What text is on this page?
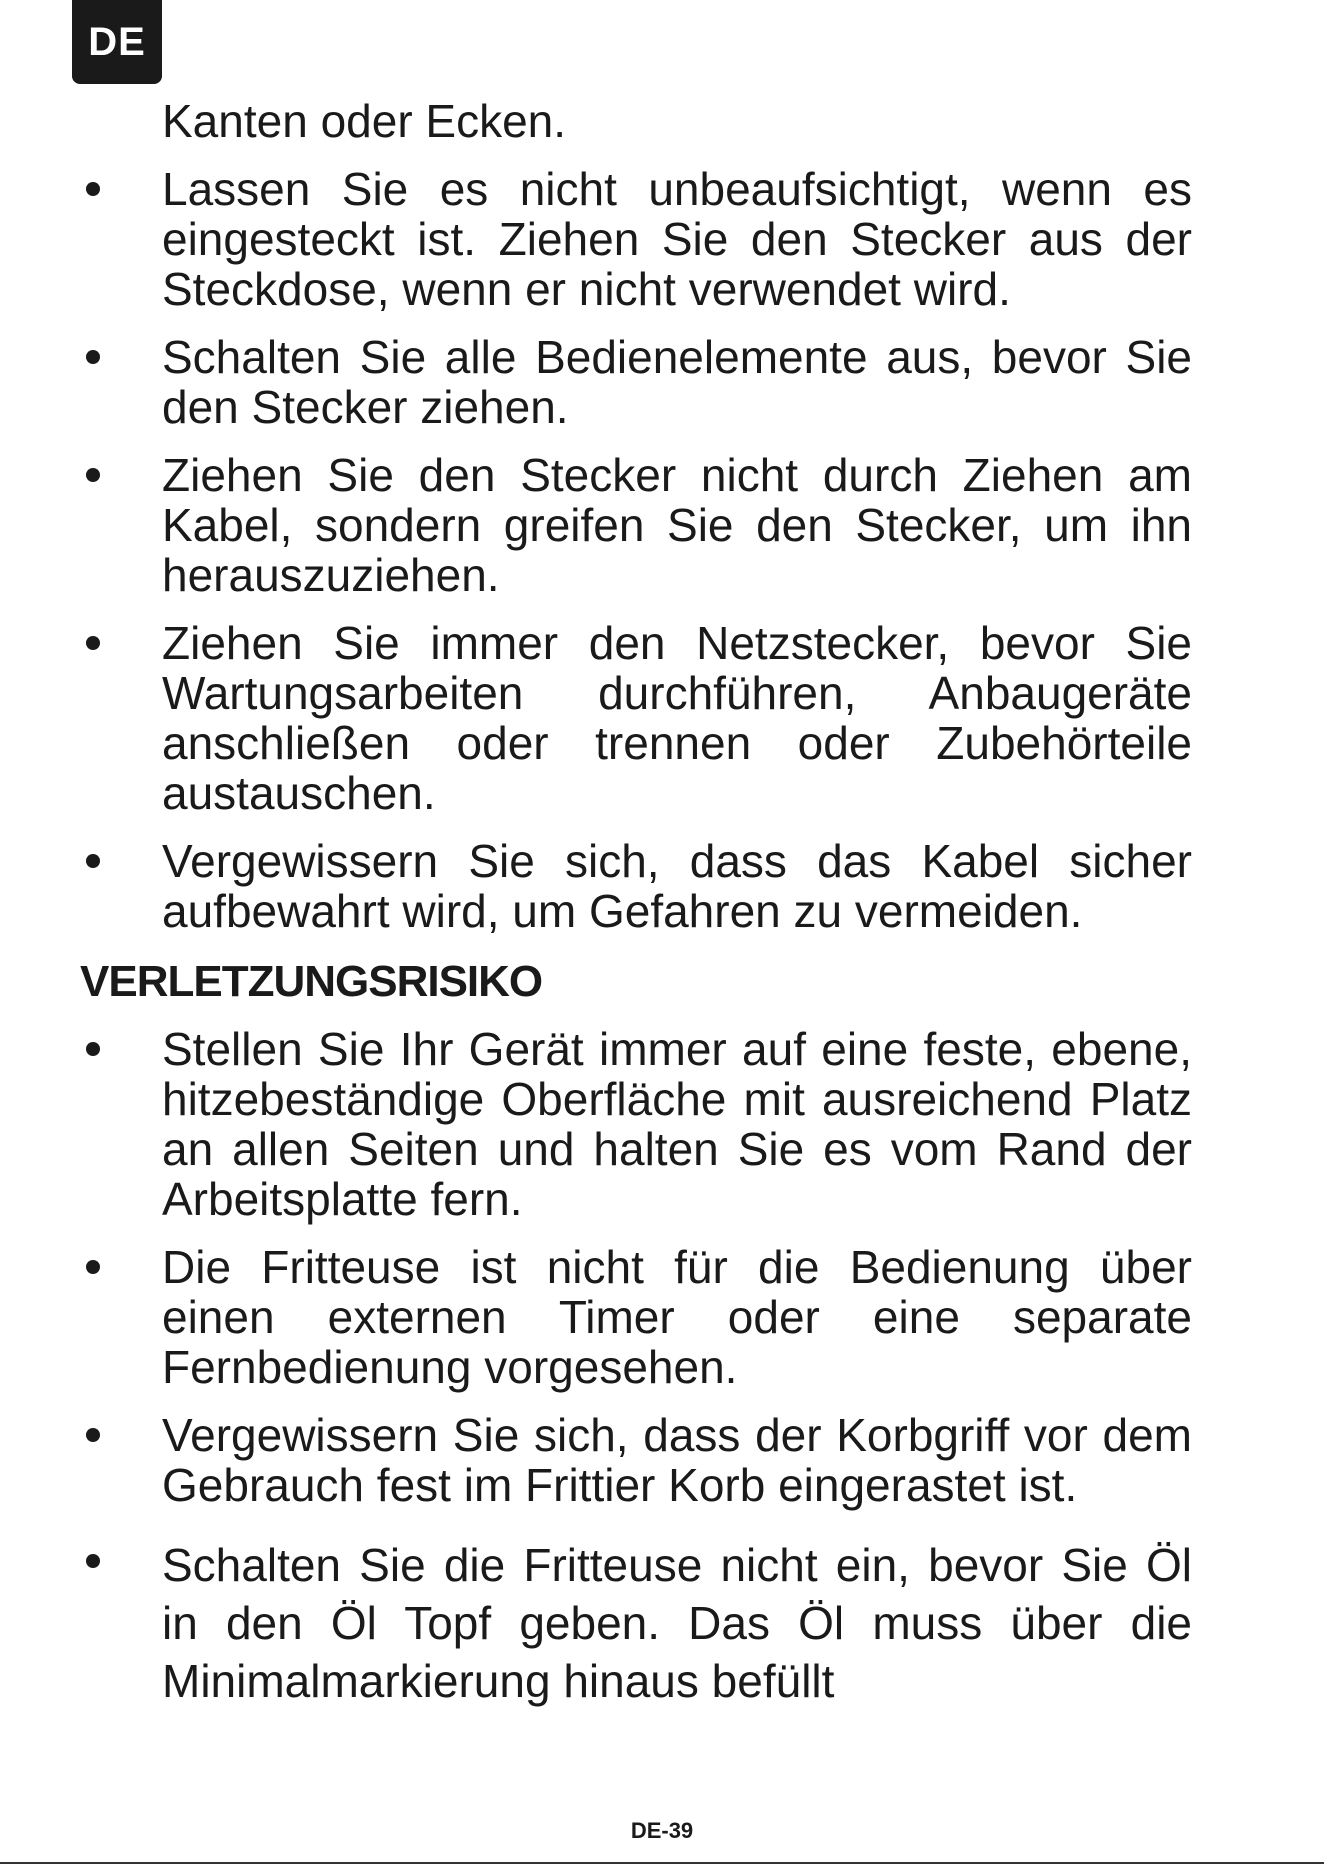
DE
Kanten oder Ecken.
Lassen Sie es nicht unbeaufsichtigt, wenn es eingesteckt ist. Ziehen Sie den Stecker aus der Steckdose, wenn er nicht verwendet wird.
Schalten Sie alle Bedienelemente aus, bevor Sie den Stecker ziehen.
Ziehen Sie den Stecker nicht durch Ziehen am Kabel, sondern greifen Sie den Stecker, um ihn herauszuziehen.
Ziehen Sie immer den Netzstecker, bevor Sie Wartungsarbeiten durchführen, Anbaugeräte anschließen oder trennen oder Zubehörteile austauschen.
Vergewissern Sie sich, dass das Kabel sicher aufbewahrt wird, um Gefahren zu vermeiden.
VERLETZUNGSRISIKO
Stellen Sie Ihr Gerät immer auf eine feste, ebene, hitzebeständige Oberfläche mit ausreichend Platz an allen Seiten und halten Sie es vom Rand der Arbeitsplatte fern.
Die Fritteuse ist nicht für die Bedienung über einen externen Timer oder eine separate Fernbedienung vorgesehen.
Vergewissern Sie sich, dass der Korbgriff vor dem Gebrauch fest im Frittier Korb eingerastet ist.
Schalten Sie die Fritteuse nicht ein, bevor Sie Öl in den Öl Topf geben. Das Öl muss über die Minimalmarkierung hinaus befüllt
DE-39
